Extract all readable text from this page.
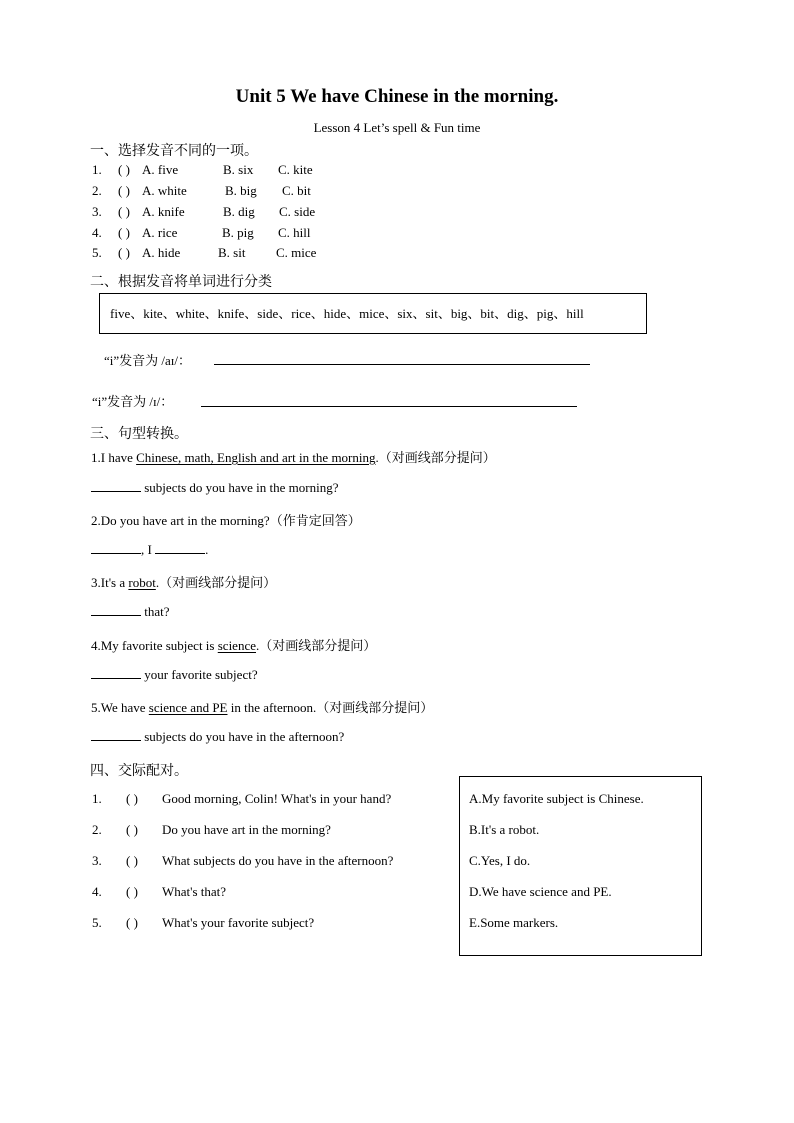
Unit 5 We have Chinese in the morning.
Lesson 4 Let’s spell & Fun time
一、选择发音不同的一项。
1. ( ) A. five	B. six C. kite
2. ( ) A. white	B. big C. bit
3. ( ) A. knife	B. dig C. side
4. ( ) A. rice	B. pig C. hill
5. ( ) A. hide	B. sit C. mice
二、根据发音将单词进行分类
five、kite、white、knife、side、rice、hide、mice、six、sit、big、bit、dig、pig、hill
“i”发音为 /aɪ/：
“i”发音为 /ɪ/：
三、句型转换。
1.I have Chinese, math, English and art in the morning.（对画线部分提问）
subjects do you have in the morning?
2.Do you have art in the morning?（作肯定回答）
, I	.
3.It's a robot.（对画线部分提问）
that?
4.My favorite subject is science.（对画线部分提问）
your favorite subject?
5.We have science and PE in the afternoon.（对画线部分提问）
subjects do you have in the afternoon?
四、交际配对。
1. ( ) Good morning, Colin! What's in your hand?
2. ( ) Do you have art in the morning?
3. ( ) What subjects do you have in the afternoon?
4. ( ) What's that?
5. ( ) What's your favorite subject?
A.My favorite subject is Chinese.
B.It's a robot.
C.Yes, I do.
D.We have science and PE.
E.Some markers.
